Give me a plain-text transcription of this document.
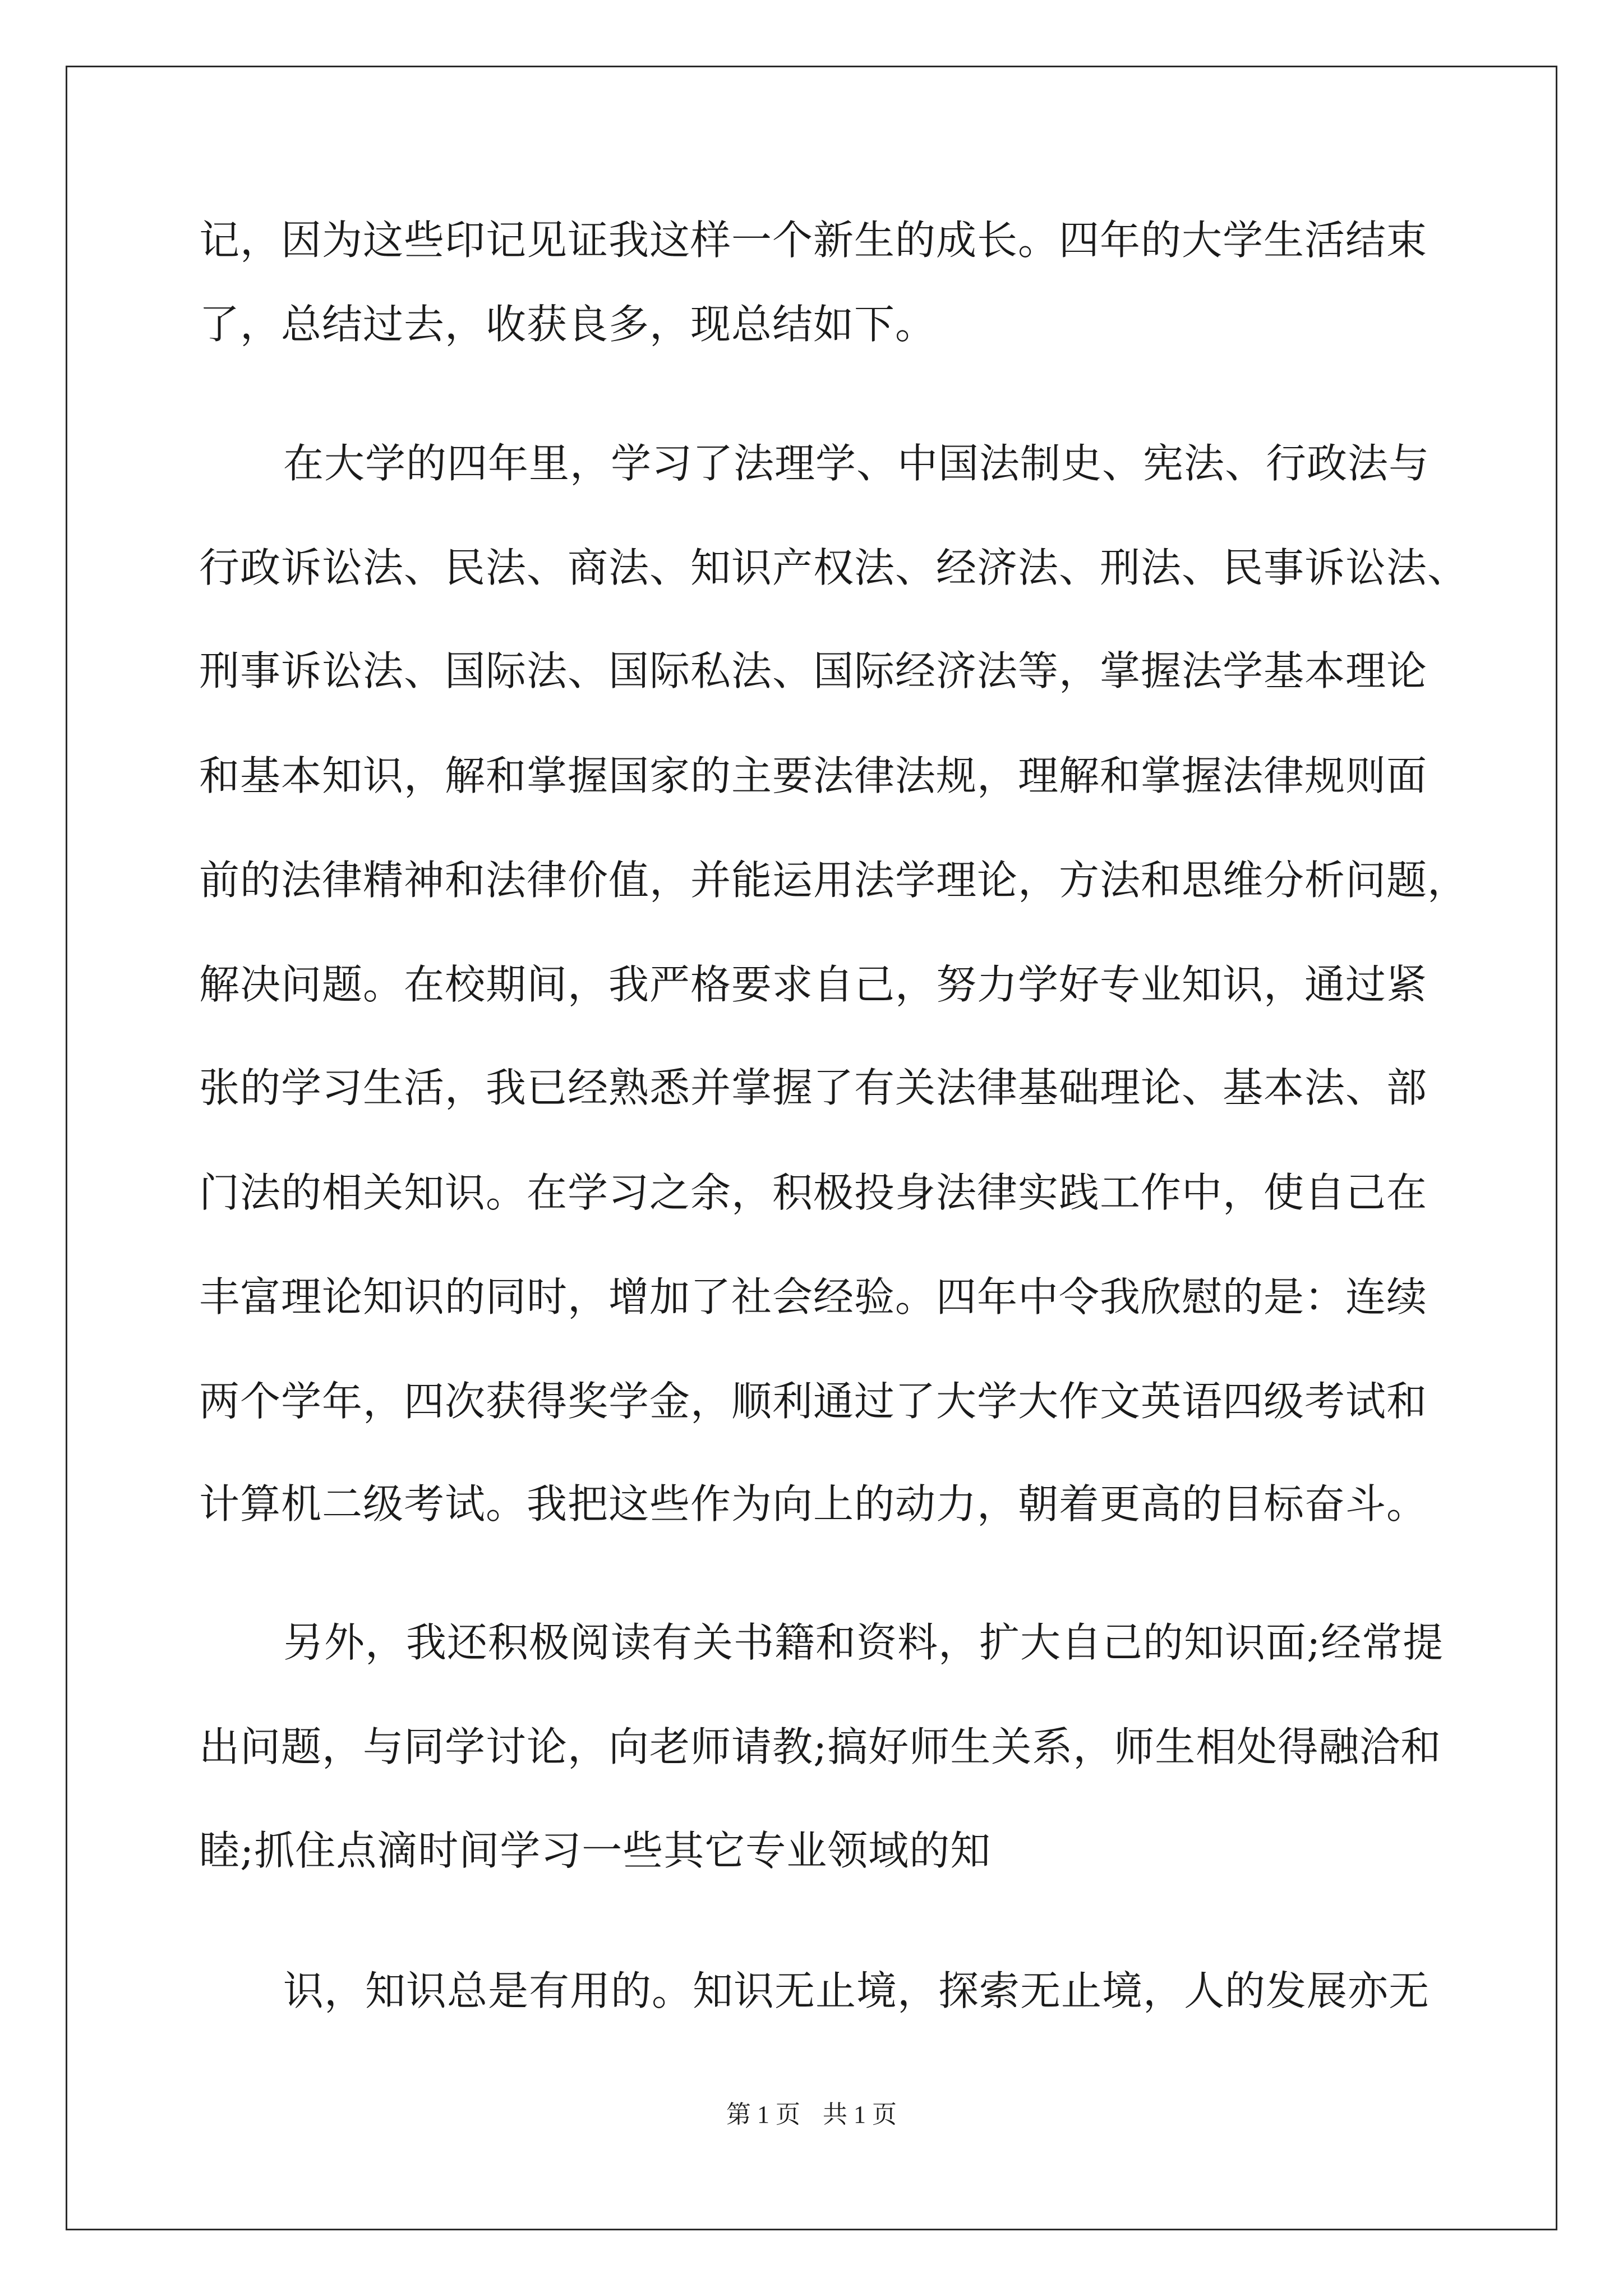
记，因为这些印记见证我这样一个新生的成长。四年的大学生活结束
了，总结过去，收获良多，现总结如下。
在大学的四年里，学习了法理学、中国法制史、宪法、行政法与
行政诉讼法、民法、商法、知识产权法、经济法、刑法、民事诉讼法、
刑事诉讼法、国际法、国际私法、国际经济法等，掌握法学基本理论
和基本知识，解和掌握国家的主要法律法规，理解和掌握法律规则面
前的法律精神和法律价值，并能运用法学理论，方法和思维分析问题，
解决问题。在校期间，我严格要求自己，努力学好专业知识，通过紧
张的学习生活，我已经熟悉并掌握了有关法律基础理论、基本法、部
门法的相关知识。在学习之余，积极投身法律实践工作中，使自己在
丰富理论知识的同时，增加了社会经验。四年中令我欣慰的是：连续
两个学年，四次获得奖学金，顺利通过了大学大作文英语四级考试和
计算机二级考试。我把这些作为向上的动力，朝着更高的目标奋斗。
另外，我还积极阅读有关书籍和资料，扩大自己的知识面;经常提
出问题，与同学讨论，向老师请教;搞好师生关系，师生相处得融洽和
睦;抓住点滴时间学习一些其它专业领域的知
识，知识总是有用的。知识无止境，探索无止境，人的发展亦无
第 1 页 共 1 页
